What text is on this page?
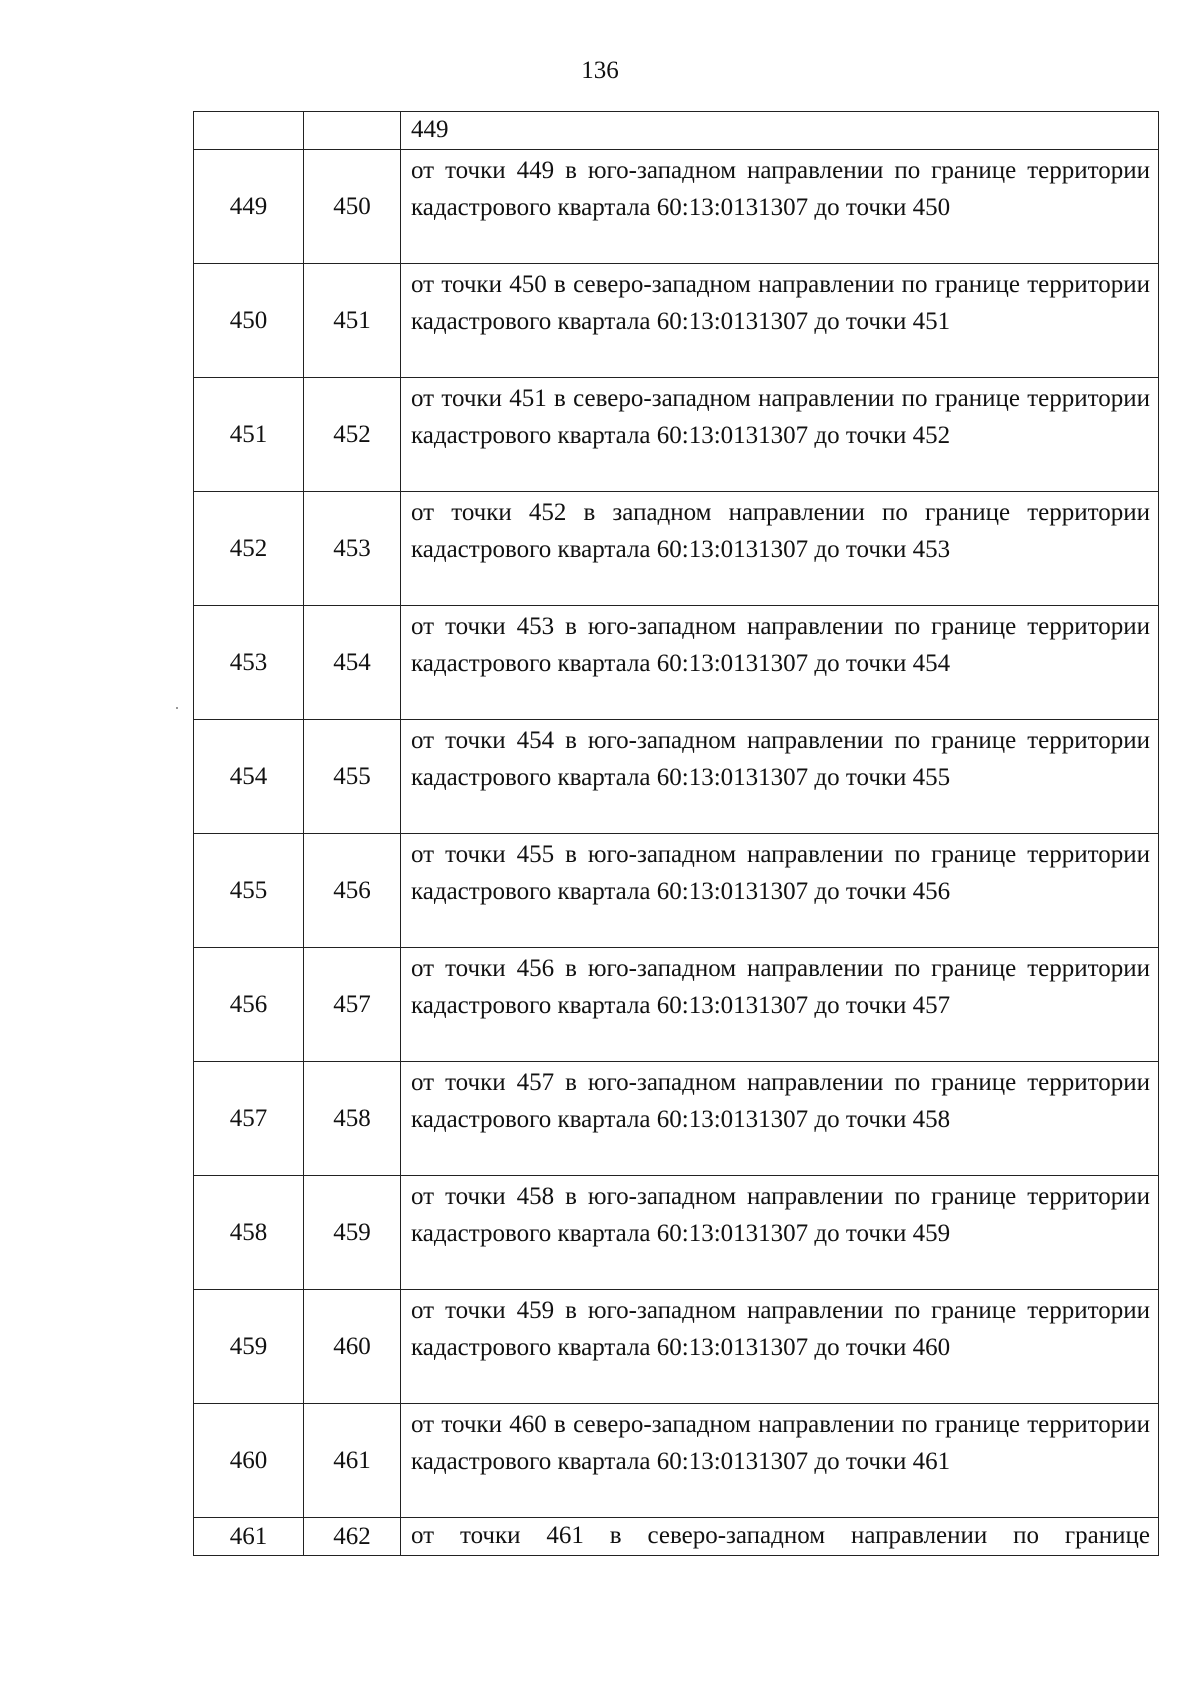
136
		449
449	450	от точки 449 в юго-западном направлении по границе территории кадастрового квартала 60:13:0131307 до точки 450
450	451	от точки 450 в северо-западном направлении по границе территории кадастрового квартала 60:13:0131307 до точки 451
451	452	от точки 451 в северо-западном направлении по границе территории кадастрового квартала 60:13:0131307 до точки 452
452	453	от точки 452 в западном направлении по границе территории кадастрового квартала 60:13:0131307 до точки 453
453	454	от точки 453 в юго-западном направлении по границе территории кадастрового квартала 60:13:0131307 до точки 454
454	455	от точки 454 в юго-западном направлении по границе территории кадастрового квартала 60:13:0131307 до точки 455
455	456	от точки 455 в юго-западном направлении по границе территории кадастрового квартала 60:13:0131307 до точки 456
456	457	от точки 456 в юго-западном направлении по границе территории кадастрового квартала 60:13:0131307 до точки 457
457	458	от точки 457 в юго-западном направлении по границе территории кадастрового квартала 60:13:0131307 до точки 458
458	459	от точки 458 в юго-западном направлении по границе территории кадастрового квартала 60:13:0131307 до точки 459
459	460	от точки 459 в юго-западном направлении по границе территории кадастрового квартала 60:13:0131307 до точки 460
460	461	от точки 460 в северо-западном направлении по границе территории кадастрового квартала 60:13:0131307 до точки 461
461	462	от точки 461 в северо-западном направлении по границе
